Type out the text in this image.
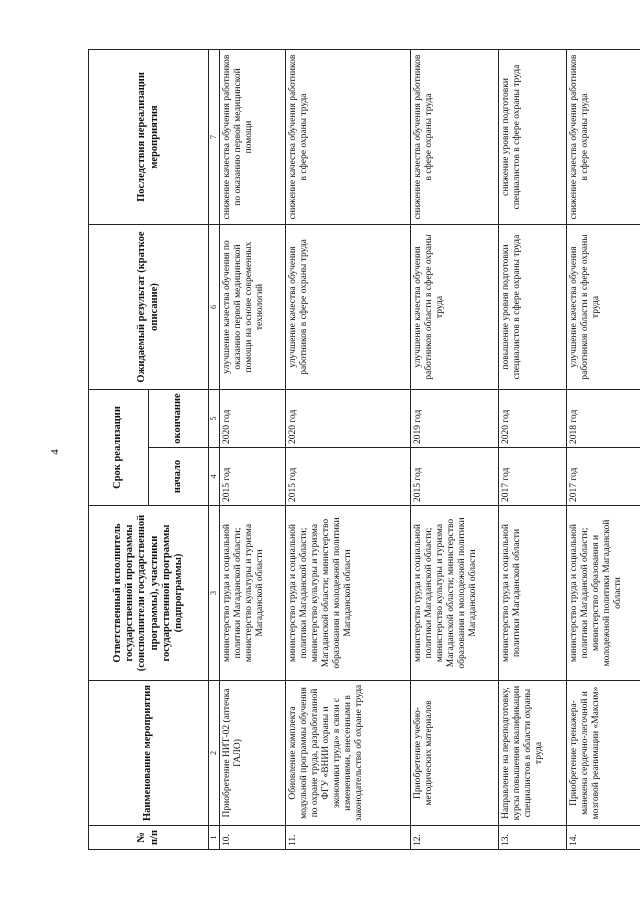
4
№ п/п	Наименование мероприятия	Ответственный исполнитель государственной программы (соисполнители государственной программы), участники государственной программы (подпрограммы)	Срок реализации		Ожидаемый результат (краткое описание)	Последствия нереализации мероприятия
			начало	окончание		
1	2	3	4	5	6	7
10.	Приобретение НИТ-02 (аптечка ГАЛО)	министерство труда и социальной политики Магаданской области; министерство культуры и туризма Магаданской области	2015 год	2020 год	улучшение качества обучения по оказанию первой медицинской помощи на основе современных технологий	снижение качества обучения работников по оказанию первой медицинской помощи
11.	Обновление комплекта модульной программы обучения по охране труда, разработанной ФГУ «ВНИИ охраны и экономики труда» в связи с изменениями, внесенными в законодательство об охране труда	министерство труда и социальной политики Магаданской области; министерство культуры и туризма Магаданской области; министерство образования и молодежной политики Магаданской области	2015 год	2020 год	улучшение качества обучения работников в сфере охраны труда	снижение качества обучения работников в сфере охраны труда
12.	Приобретение учебно-методических материалов	министерство труда и социальной политики Магаданской области; министерство культуры и туризма Магаданской области; министерство образования и молодежной политики Магаданской области	2015 год	2019 год	улучшение качества обучения работников области в сфере охраны труда	снижение качества обучения работников в сфере охраны труда
13.	Направление на переподготовку, курсы повышения квалификации специалистов в области охраны труда	министерство труда и социальной политики Магаданской области	2017 год	2020 год	повышение уровня подготовки специалистов в сфере охраны труда	снижение уровня подготовки специалистов в сфере охраны труда
14.	Приобретение тренажера-манекена сердечно-легочной и мозговой реанимации «Максим»	министерство труда и социальной политики Магаданской области; министерство образования и молодежной политики Магаданской области	2017 год	2018 год	улучшение качества обучения работников области в сфере охраны труда	снижение качества обучения работников в сфере охраны труда
